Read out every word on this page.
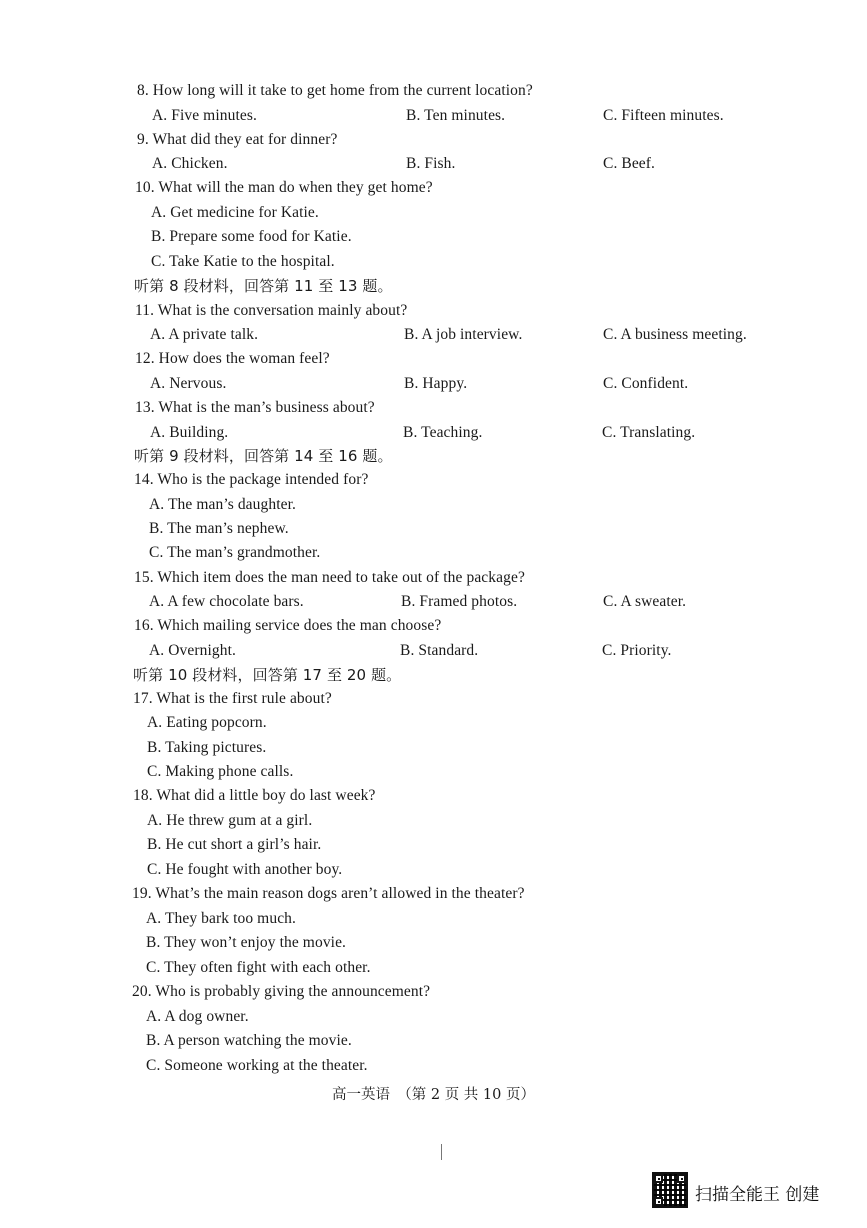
8. How long will it take to get home from the current location?
A. Five minutes.	B. Ten minutes.	C. Fifteen minutes.
9. What did they eat for dinner?
A. Chicken.	B. Fish.	C. Beef.
10. What will the man do when they get home?
A. Get medicine for Katie.
B. Prepare some food for Katie.
C. Take Katie to the hospital.
听第 8 段材料，回答第 11 至 13 题。
11. What is the conversation mainly about?
A. A private talk.	B. A job interview.	C. A business meeting.
12. How does the woman feel?
A. Nervous.	B. Happy.	C. Confident.
13. What is the man’s business about?
A. Building.	B. Teaching.	C. Translating.
听第 9 段材料，回答第 14 至 16 题。
14. Who is the package intended for?
A. The man’s daughter.
B. The man’s nephew.
C. The man’s grandmother.
15. Which item does the man need to take out of the package?
A. A few chocolate bars.	B. Framed photos.	C. A sweater.
16. Which mailing service does the man choose?
A. Overnight.	B. Standard.	C. Priority.
听第 10 段材料，回答第 17 至 20 题。
17. What is the first rule about?
A. Eating popcorn.
B. Taking pictures.
C. Making phone calls.
18. What did a little boy do last week?
A. He threw gum at a girl.
B. He cut short a girl’s hair.
C. He fought with another boy.
19. What’s the main reason dogs aren’t allowed in the theater?
A. They bark too much.
B. They won’t enjoy the movie.
C. They often fight with each other.
20. Who is probably giving the announcement?
A. A dog owner.
B. A person watching the movie.
C. Someone working at the theater.
高一英语　（第 2 页 共 10 页）
扫描全能王 创建
